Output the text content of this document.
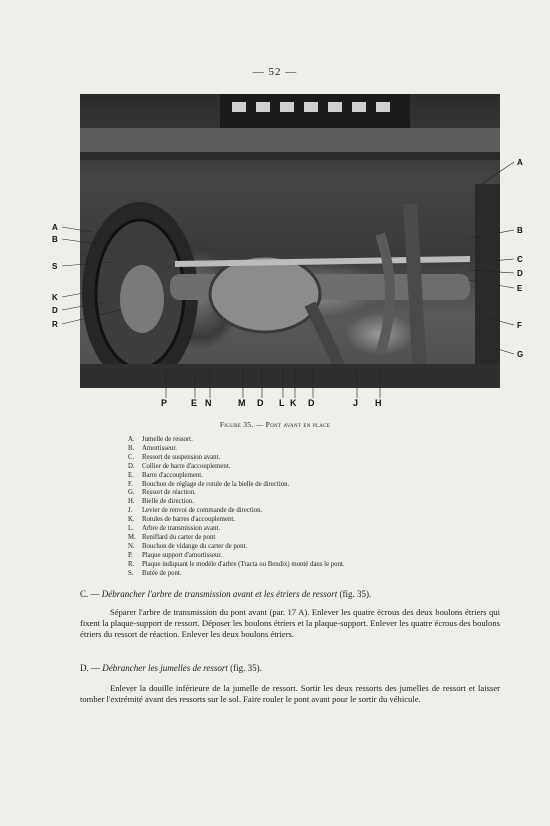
— 52 —
A
B
S
K
D
R
A
B
C
D
E
F
G
P	E N	M D L K D	J H
Figure 35. — Pont avant en place
A. Jumelle de ressort.
B. Amortisseur.
C. Ressort de suspension avant.
D. Collier de barre d'accouplement.
E. Barre d'accouplement.
F. Bouchon de réglage de rotule de la bielle de direction.
G. Ressort de réaction.
H. Bielle de direction.
J. Levier de renvoi de commande de direction.
K. Rotules de barres d'accouplement.
L. Arbre de transmission avant.
M. Reniflard du carter de pont
N. Bouchon de vidange du carter de pont.
P. Plaque support d'amortisseur.
R. Plaque indiquant le modèle d'arbre (Tracta ou Bendix) monté dans le pont.
S. Butée de pont.
C. — Débrancher l'arbre de transmission avant et les étriers de ressort (fig. 35).

Séparer l'arbre de transmission du pont avant (par. 17 A). Enlever les quatre écrous des deux boulons étriers qui fixent la plaque-support de ressort. Déposer les boulons étriers et la plaque-support. Enlever les quatre écrous des boulons étriers du ressort de réaction. Enlever les deux boulons étriers.

D. — Débrancher les jumelles de ressort (fig. 35).

Enlever la douille inférieure de la jumelle de ressort. Sortir les deux ressorts des jumelles de ressort et laisser tomber l'extrémité avant des ressorts sur le sol. Faire rouler le pont avant pour le sortir du véhicule.
